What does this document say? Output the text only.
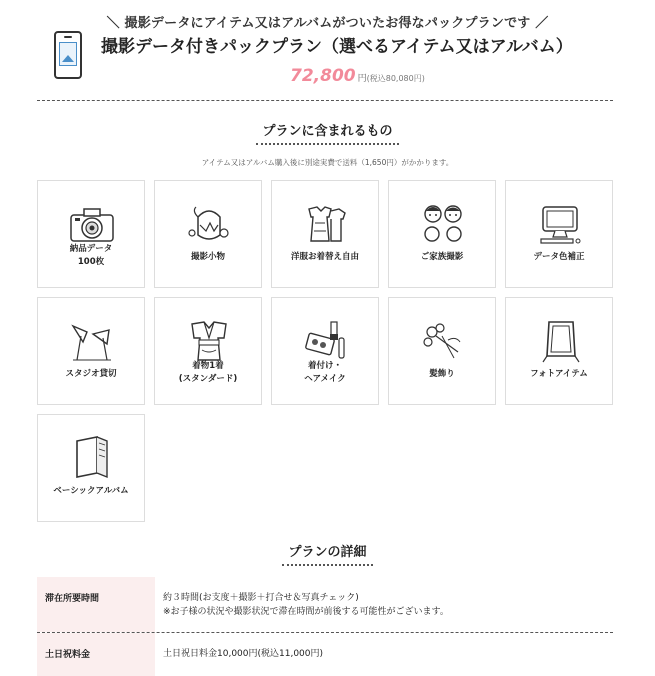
＼ 撮影データにアイテム又はアルバムがついたお得なパックプランです ／
撮影データ付きパックプラン（選べるアイテム又はアルバム）
72,800 円(税込80,080円)
プランに含まれるもの
アイテム又はアルバム購入後に別途実費で送料（1,650円）がかかります。
納品データ
100枚	撮影小物	洋服お着替え自由	ご家族撮影	データ色補正
スタジオ貸切
着物1着
(スタンダード)
着付け・
ヘアメイク	髪飾り	フォトアイテム
ベーシックアルバム
プランの詳細
滞在所要時間	約３時間(お支度＋撮影＋打合せ＆写真チェック)
※お子様の状況や撮影状況で滞在時間が前後する可能性がございます。
土日祝料金	土日祝日料金10,000円(税込11,000円)
